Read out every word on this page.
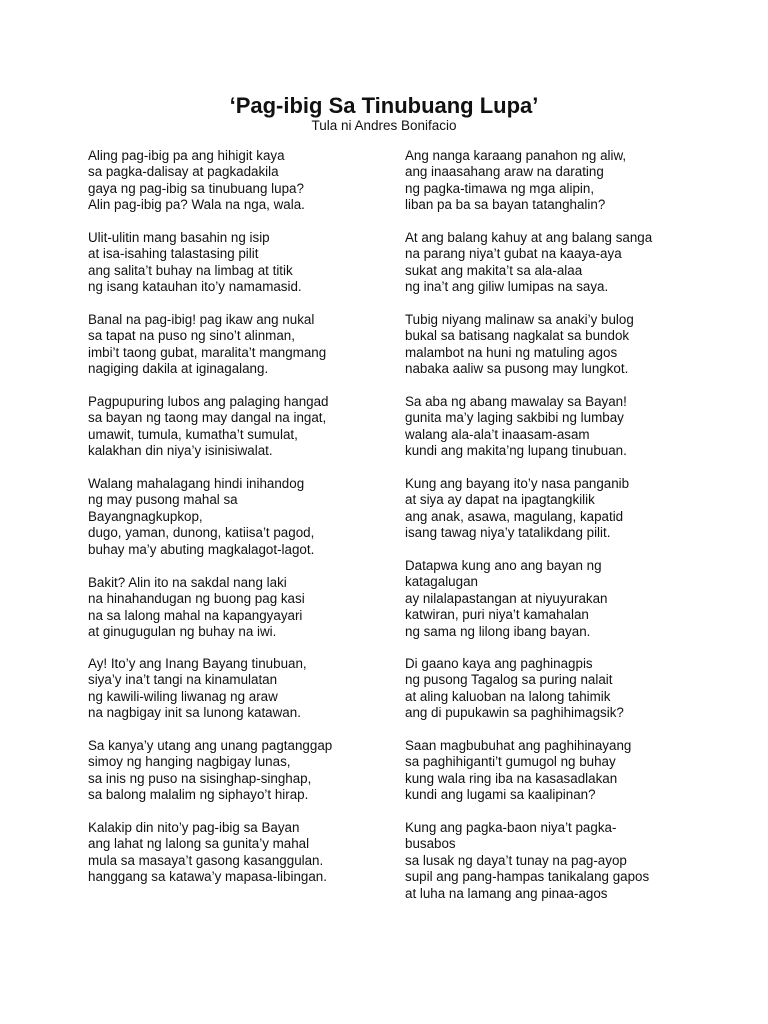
‘Pag-ibig Sa Tinubuang Lupa’
Tula ni Andres Bonifacio
Aling pag-ibig pa ang hihigit kaya
sa pagka-dalisay at pagkadakila
gaya ng pag-ibig sa tinubuang lupa?
Alin pag-ibig pa? Wala na nga, wala.
Ulit-ulitin mang basahin ng isip
at isa-isahing talastasing pilit
ang salita’t buhay na limbag at titik
ng isang katauhan ito’y namamasid.
Banal na pag-ibig! pag ikaw ang nukal
sa tapat na puso ng sino’t alinman,
imbi’t taong gubat, maralita’t mangmang
nagiging dakila at iginagalang.
Pagpupuring lubos ang palaging hangad
sa bayan ng taong may dangal na ingat,
umawit, tumula, kumatha’t sumulat,
kalakhan din niya’y isinisiwalat.
Walang mahalagang hindi inihandog
ng may pusong mahal sa
Bayangnagkupkop,
dugo, yaman, dunong, katiisa’t pagod,
buhay ma’y abuting magkalagot-lagot.
Bakit? Alin ito na sakdal nang laki
na hinahandugan ng buong pag kasi
na sa lalong mahal na kapangyayari
at ginugugulan ng buhay na iwi.
Ay! Ito’y ang Inang Bayang tinubuan,
siya’y ina’t tangi na kinamulatan
ng kawili-wiling liwanag ng araw
na nagbigay init sa lunong katawan.
Sa kanya’y utang ang unang pagtanggap
simoy ng hanging nagbigay lunas,
sa inis ng puso na sisinghap-singhap,
sa balong malalim ng siphayo’t hirap.
Kalakip din nito’y pag-ibig sa Bayan
ang lahat ng lalong sa gunita’y mahal
mula sa masaya’t gasong kasanggulan.
hanggang sa katawa’y mapasa-libingan.
Ang nanga karaang panahon ng aliw,
ang inaasahang araw na darating
ng pagka-timawa ng mga alipin,
liban pa ba sa bayan tatanghalin?
At ang balang kahuy at ang balang sanga
na parang niya’t gubat na kaaya-aya
sukat ang makita’t sa ala-alaa
ng ina’t ang giliw lumipas na saya.
Tubig niyang malinaw sa anaki’y bulog
bukal sa batisang nagkalat sa bundok
malambot na huni ng matuling agos
nabaka aaliw sa pusong may lungkot.
Sa aba ng abang mawalay sa Bayan!
gunita ma’y laging sakbibi ng lumbay
walang ala-ala’t inaasam-asam
kundi ang makita’ng lupang tinubuan.
Kung ang bayang ito’y nasa panganib
at siya ay dapat na ipagtangkilik
ang anak, asawa, magulang, kapatid
isang tawag niya’y tatalikdang pilit.
Datapwa kung ano ang bayan ng
katagalugan
ay nilalapastangan at niyuyurakan
katwiran, puri niya’t kamahalan
ng sama ng lilong ibang bayan.
Di gaano kaya ang paghinagpis
ng pusong Tagalog sa puring nalait
at aling kaluoban na lalong tahimik
ang di pupukawin sa paghihimagsik?
Saan magbubuhat ang paghihinayang
sa paghihiganti’t gumugol ng buhay
kung wala ring iba na kasasadlakan
kundi ang lugami sa kaalipinan?
Kung ang pagka-baon niya’t pagka-
busabos
sa lusak ng daya’t tunay na pag-ayop
supil ang pang-hampas tanikalang gapos
at luha na lamang ang pinaa-agos
